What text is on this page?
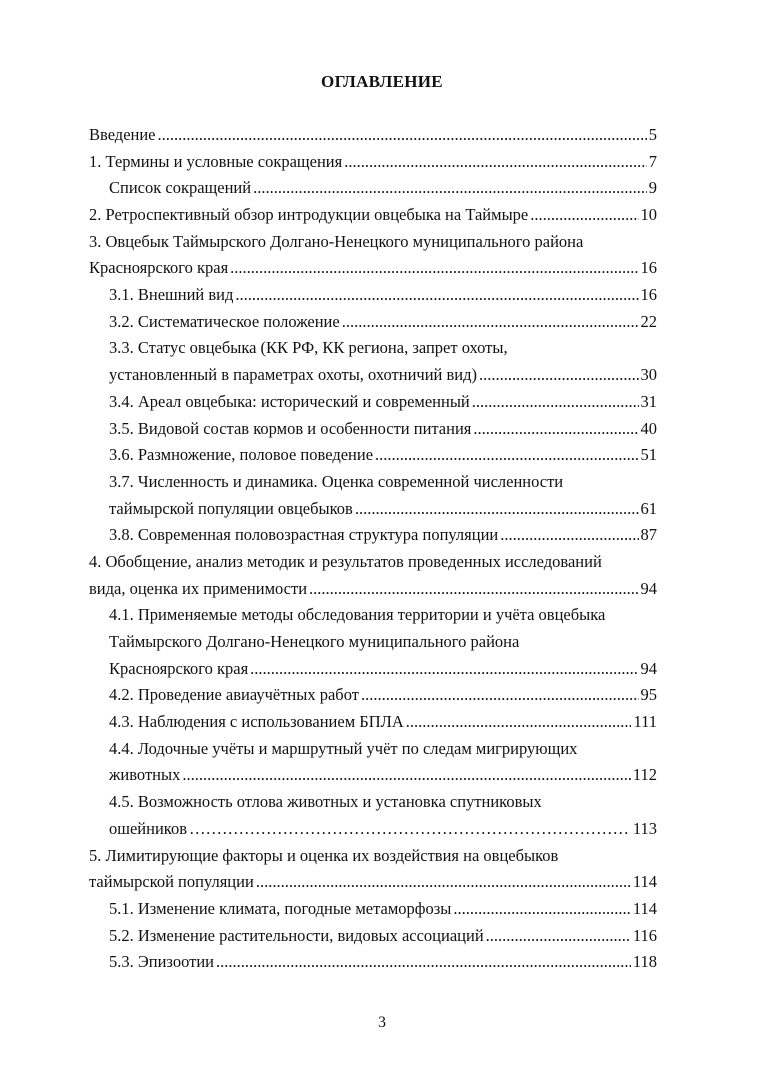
ОГЛАВЛЕНИЕ
Введение .....	5
1. Термины и условные сокращения .....	7
Список сокращений .....	9
2. Ретроспективный обзор интродукции овцебыка на Таймыре .....	10
3. Овцебык Таймырского Долгано-Ненецкого муниципального района
Красноярского края .....	16
3.1. Внешний вид .....	16
3.2. Систематическое положение .....	22
3.3. Статус овцебыка (КК РФ, КК региона, запрет охоты,
установленный в параметрах охоты, охотничий вид) .....	30
3.4. Ареал овцебыка: исторический и современный .....	31
3.5. Видовой состав кормов и особенности питания .....	40
3.6. Размножение, половое поведение .....	51
3.7. Численность и динамика. Оценка современной численности
таймырской популяции овцебыков .....	61
3.8. Современная половозрастная структура популяции .....	87
4. Обобщение, анализ методик и результатов проведенных исследований
вида, оценка их применимости .....	94
4.1. Применяемые методы обследования территории и учёта овцебыка
Таймырского Долгано-Ненецкого муниципального района
Красноярского края .....	94
4.2. Проведение авиаучётных работ .....	95
4.3. Наблюдения с использованием БПЛА .....	111
4.4. Лодочные учёты и маршрутный учёт по следам мигрирующих
животных .....	112
4.5. Возможность отлова животных и установка спутниковых
ошейников …………………………………………………………………………………………………………………………………………………………………………	113
5. Лимитирующие факторы и оценка их воздействия на овцебыков
таймырской популяции .....	114
5.1. Изменение климата, погодные метаморфозы .....	114
5.2. Изменение растительности, видовых ассоциаций .....	116
5.3. Эпизоотии .....	118
3
